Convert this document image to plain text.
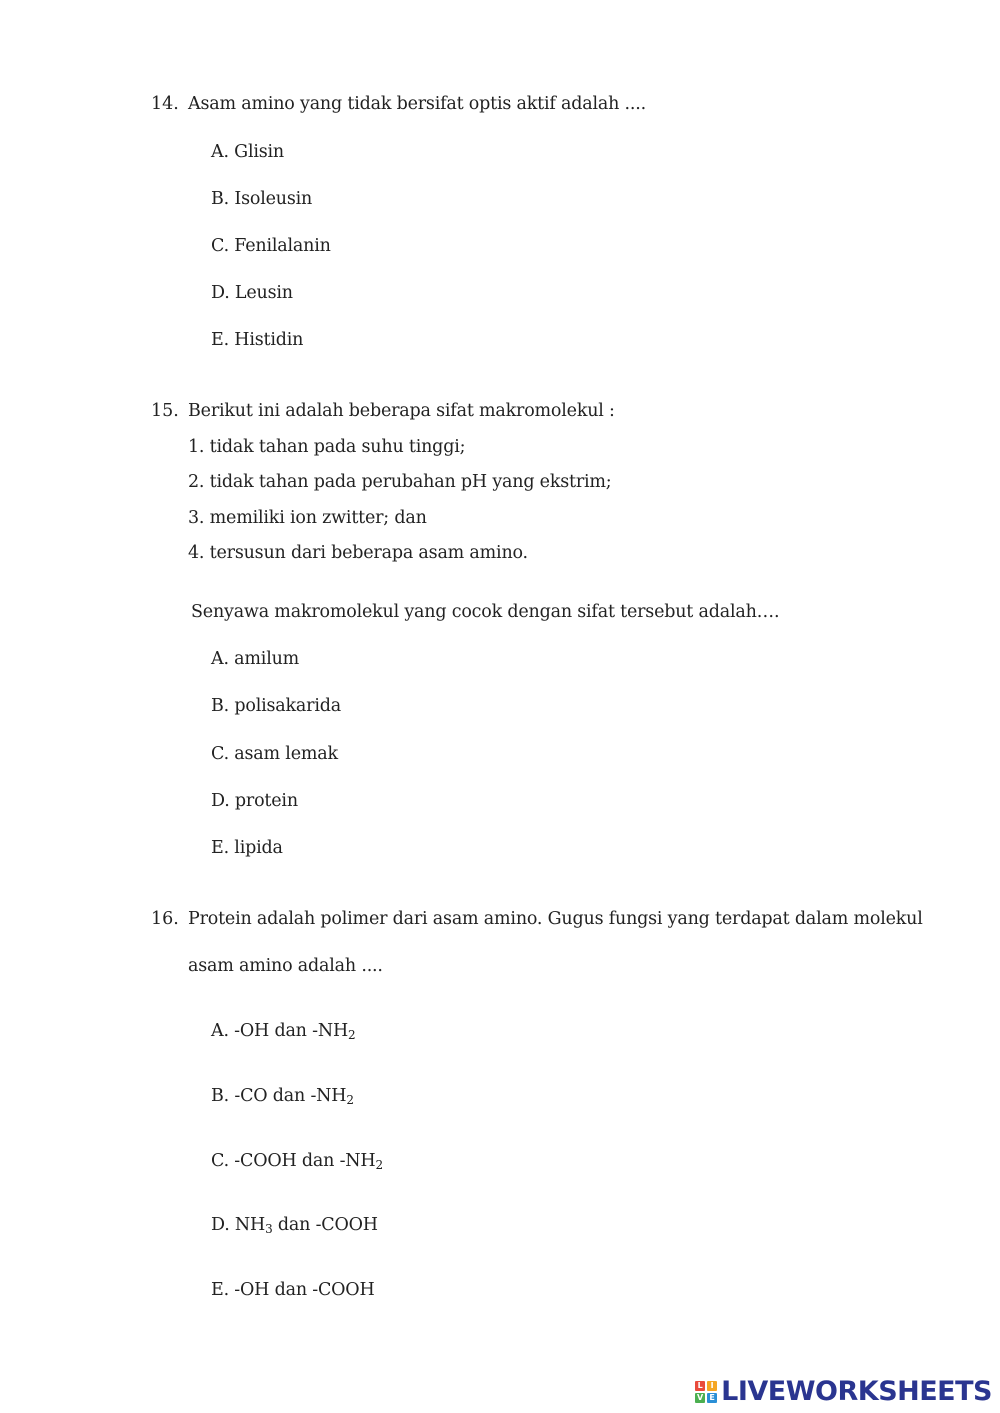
14. Asam amino yang tidak bersifat optis aktif adalah ....
A. Glisin
B. Isoleusin
C. Fenilalanin
D. Leusin
E. Histidin
15. Berikut ini adalah beberapa sifat makromolekul :
1. tidak tahan pada suhu tinggi;
2. tidak tahan pada perubahan pH yang ekstrim;
3. memiliki ion zwitter; dan
4. tersusun dari beberapa asam amino.
Senyawa makromolekul yang cocok dengan sifat tersebut adalah….
A. amilum
B. polisakarida
C. asam lemak
D. protein
E. lipida
16. Protein adalah polimer dari asam amino. Gugus fungsi yang terdapat dalam molekul
asam amino adalah ....
A. -OH dan $-NH_2$
B. -CO dan $-NH_2$
C. -COOH dan $-NH_2$
D. $NH_3$ dan -COOH
E. -OH dan -COOH
L I
V E LIVEWORKSHEETS
